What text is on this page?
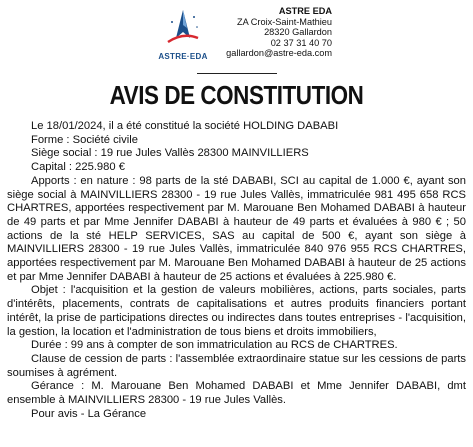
ASTRE·EDA
ASTRE EDA
ZA Croix-Saint-Mathieu
28320 Gallardon
02 37 31 40 70
gallardon@astre-eda.com
AVIS DE CONSTITUTION

Le 18/01/2024, il a été constitué la société HOLDING DABABI

Forme : Société civile

Siège social : 19 rue Jules Vallès 28300 MAINVILLIERS

Capital : 225.980 €

Apports : en nature : 98 parts de la sté DABABI, SCI au capital de 1.000 €, ayant son siège social à MAINVILLIERS 28300 - 19 rue Jules Vallès, immatriculée 981 495 658 RCS CHARTRES, apportées respectivement par M. Marouane Ben Mohamed DABABI à hauteur de 49 parts et par Mme Jennifer DABABI à hauteur de 49 parts et évaluées à 980 € ; 50 actions de la sté HELP SERVICES, SAS au capital de 500 €, ayant son siège à MAINVILLIERS 28300 - 19 rue Jules Vallès, immatriculée 840 976 955 RCS CHARTRES, apportées respectivement par M. Marouane Ben Mohamed DABABI à hauteur de 25 actions et par Mme Jennifer DABABI à hauteur de 25 actions et évaluées à 225.980 €.

Objet : l'acquisition et la gestion de valeurs mobilières, actions, parts sociales, parts d'intérêts, placements, contrats de capitalisations et autres produits financiers portant intérêt, la prise de participations directes ou indirectes dans toutes entreprises - l'acquisition, la gestion, la location et l'administration de tous biens et droits immobiliers,

Durée : 99 ans à compter de son immatriculation au RCS de CHARTRES.

Clause de cession de parts : l'assemblée extraordinaire statue sur les cessions de parts soumises à agrément.

Gérance : M. Marouane Ben Mohamed DABABI et Mme Jennifer DABABI, dmt ensemble à MAINVILLIERS 28300 - 19 rue Jules Vallès.

Pour avis - La Gérance
